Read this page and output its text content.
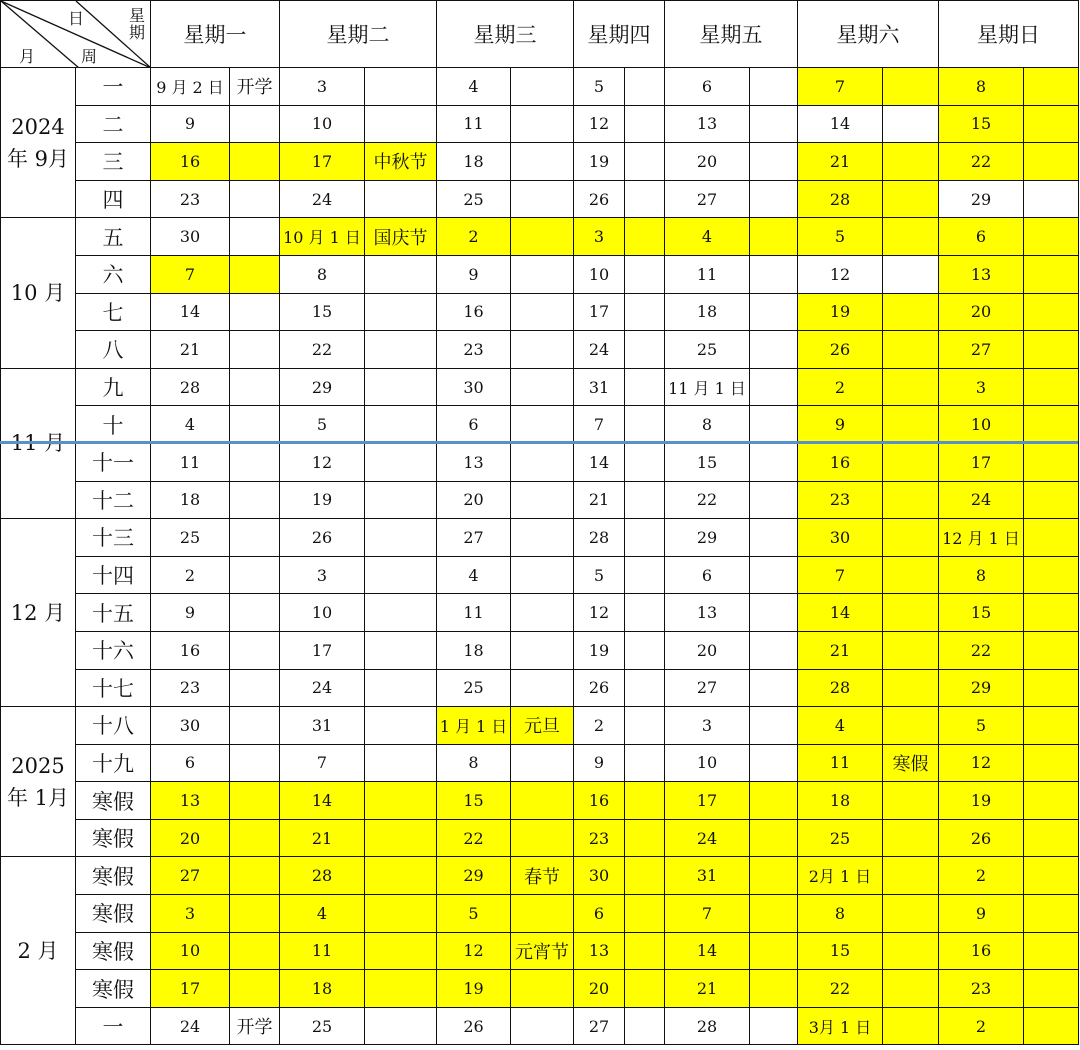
日 星期
月 周		星期一		星期二		星期三		星期四		星期五		星期六		星期日	
2024 年 9月	一	9 月 2 日	开学	3		4		5		6		7		8	
	二	9		10		11		12		13		14		15	
	三	16		17	中秋节	18		19		20		21		22	
	四	23		24		25		26		27		28		29	
10 月	五	30		10 月 1 日	国庆节	2		3		4		5		6	
	六	7		8		9		10		11		12		13	
	七	14		15		16		17		18		19		20	
	八	21		22		23		24		25		26		27	
	九	28		29		30		31		11 月 1 日		2		3	
	十	4		5		6		7		8		9		10	
	十一	11		12		13		14		15		16		17	
	十二	18		19		20		21		22		23		24	
12 月	十三	25		26		27		28		29		30		12 月 1 日	
	十四	2		3		4		5		6		7		8	
	十五	9		10		11		12		13		14		15	
	十六	16		17		18		19		20		21		22	
	十七	23		24		25		26		27		28		29	
2025 年 1月	十八	30		31		1 月 1 日	元旦	2		3		4		5	
	十九	6		7		8		9		10		11	寒假	12	
	寒假	13		14		15		16		17		18		19	
	寒假	20		21		22		23		24		25		26	
2 月	寒假	27		28		29	春节	30		31		2月 1 日		2	
	寒假	3		4		5		6		7		8		9	
	寒假	10		11		12	元宵节	13		14		15		16	
	寒假	17		18		19		20		21		22		23	
	一	24	开学	25		26		27		28		3月 1 日		2	
